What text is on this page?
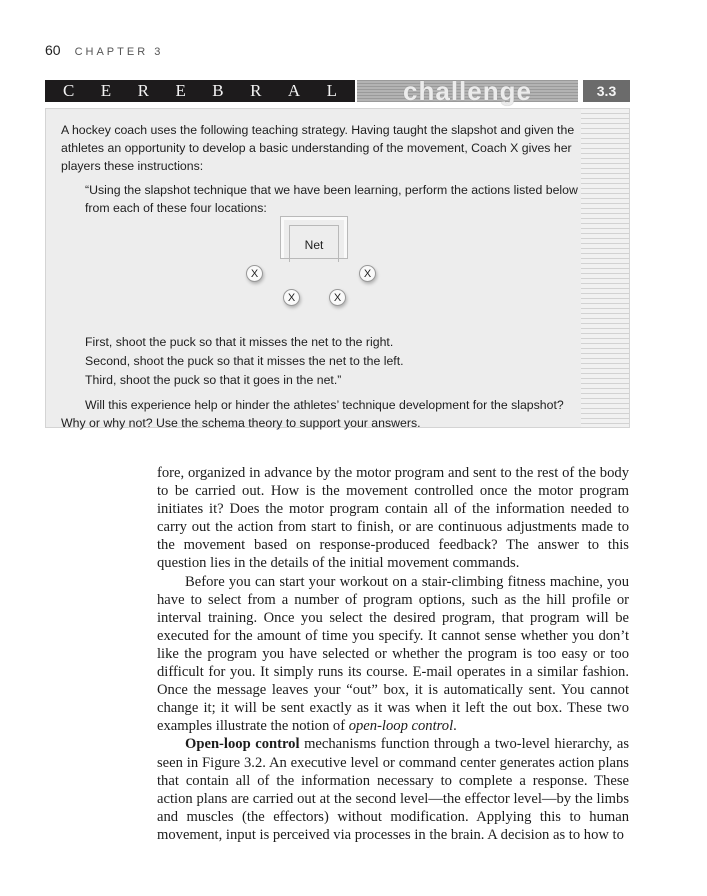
60 CHAPTER 3
C E R E B R A L	challenge	3.3

A hockey coach uses the following teaching strategy. Having taught the slapshot and given the athletes an opportunity to develop a basic understanding of the movement, Coach X gives her players these instructions:

“Using the slapshot technique that we have been learning, perform the actions listed below from each of these four locations:

First, shoot the puck so that it misses the net to the right.

Second, shoot the puck so that it misses the net to the left.

Third, shoot the puck so that it goes in the net.”

Will this experience help or hinder the athletes’ technique development for the slapshot? Why or why not? Use the schema theory to support your answers.

Net
X	X
X	X

fore, organized in advance by the motor program and sent to the rest of the body to be carried out. How is the movement controlled once the motor program initiates it? Does the motor program contain all of the information needed to carry out the action from start to finish, or are continuous adjustments made to the movement based on response-produced feedback? The answer to this question lies in the details of the initial movement commands.

Before you can start your workout on a stair-climbing fitness machine, you have to select from a number of program options, such as the hill profile or interval training. Once you select the desired program, that program will be executed for the amount of time you specify. It cannot sense whether you don’t like the program you have selected or whether the program is too easy or too difficult for you. It simply runs its course. E-mail operates in a similar fashion. Once the message leaves your “out” box, it is automatically sent. You cannot change it; it will be sent exactly as it was when it left the out box. These two examples illustrate the notion of open-loop control.

Open-loop control mechanisms function through a two-level hierarchy, as seen in Figure 3.2. An executive level or command center generates action plans that contain all of the information necessary to complete a response. These action plans are carried out at the second level—the effector level—by the limbs and muscles (the effectors) without modification. Applying this to human movement, input is perceived via processes in the brain. A decision as to how to
